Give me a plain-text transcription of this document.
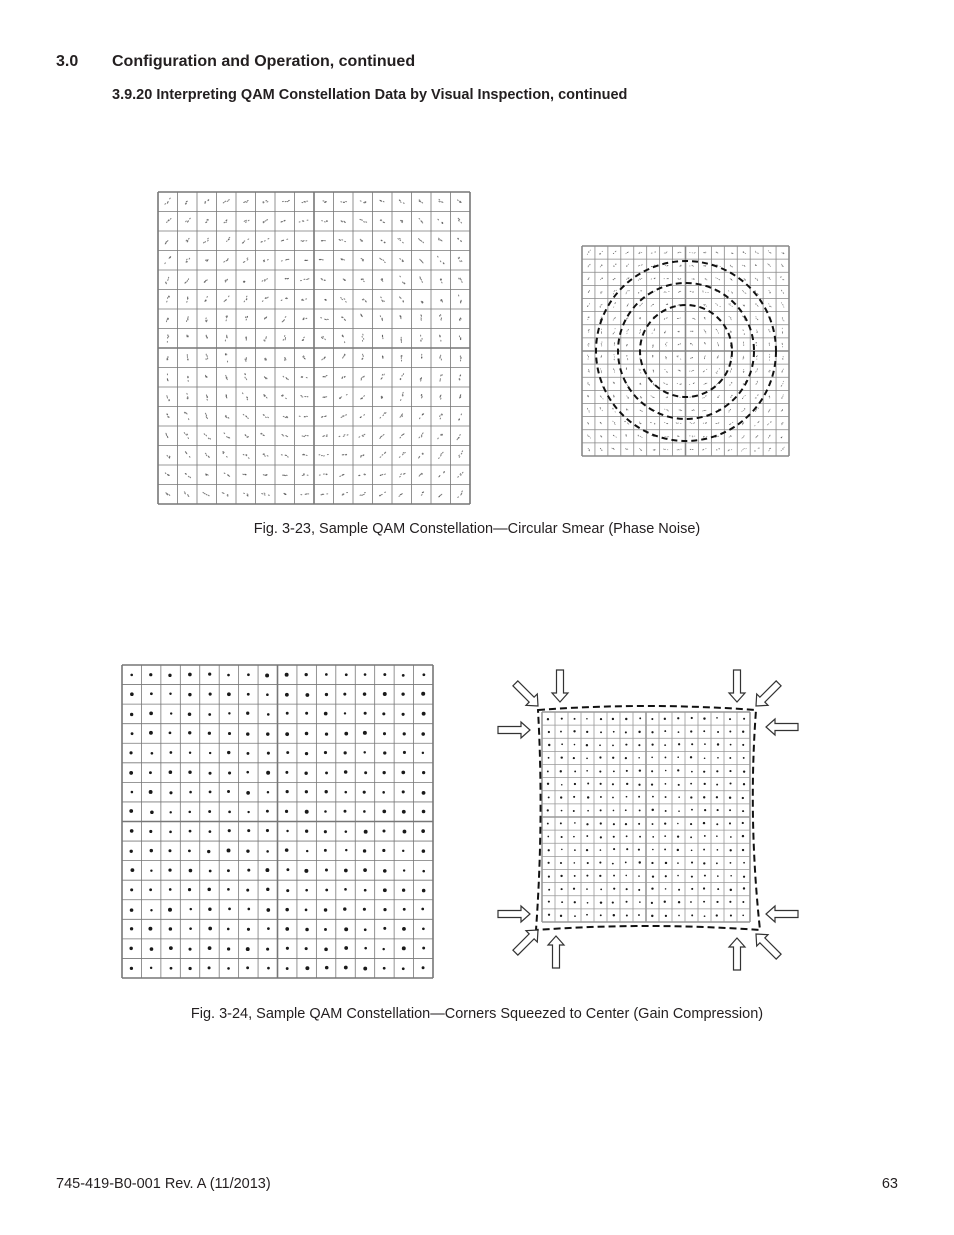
3.0 Configuration and Operation, continued
3.9.20 Interpreting QAM Constellation Data by Visual Inspection, continued
Fig. 3-23, Sample QAM Constellation—Circular Smear (Phase Noise)
Fig. 3-24, Sample QAM Constellation—Corners Squeezed to Center (Gain Compression)
745-419-B0-001 Rev. A (11/2013)	63
